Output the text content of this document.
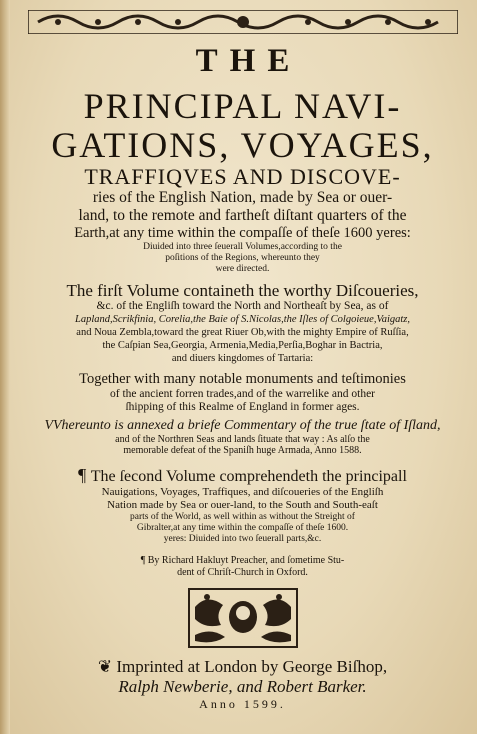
THE
PRINCIPAL NAVI-
GATIONS, VOYAGES,
TRAFFIQVES AND DISCOVE-
ries of the English Nation, made by Sea or ouer-
land, to the remote and fartheſt diſtant quarters of the
Earth,at any time within the compaſſe of theſe 1600 yeres:
Diuided into three ſeuerall Volumes,according to the
poſitions of the Regions, whereunto they
were directed.
The firſt Volume containeth the worthy Diſcoueries,
&c. of the Engliſh toward the North and Northeaſt by Sea, as of
Lapland,Scrikfinia, Corelia,the Baie of S.Nicolas,the Iſles of Colgoieue,Vaigatz,
and Noua Zembla,toward the great Riuer Ob,with the mighty Empire of Ruſſia,
the Caſpian Sea,Georgia, Armenia,Media,Perſia,Boghar in Bactria,
and diuers kingdomes of Tartaria:
Together with many notable monuments and teſtimonies
of the ancient forren trades,and of the warrelike and other
ſhipping of this Realme of England in former ages.
VVhereunto is annexed a briefe Commentary of the true ſtate of Iſland,
and of the Northren Seas and lands ſituate that way : As alſo the
memorable defeat of the Spaniſh huge Armada, Anno 1588.
¶ The ſecond Volume comprehendeth the principall
Nauigations, Voyages, Traffiques, and diſcoueries of the Engliſh
Nation made by Sea or ouer-land, to the South and South-eaſt
parts of the World, as well within as without the Streight of
Gibralter,at any time within the compaſſe of theſe 1600.
yeres: Diuided into two ſeuerall parts,&c.
¶ By Richard Hakluyt Preacher, and ſometime Stu-
dent of Chriſt-Church in Oxford.
❦ Imprinted at London by George Biſhop,
Ralph Newberie, and Robert Barker.
Anno 1599.
